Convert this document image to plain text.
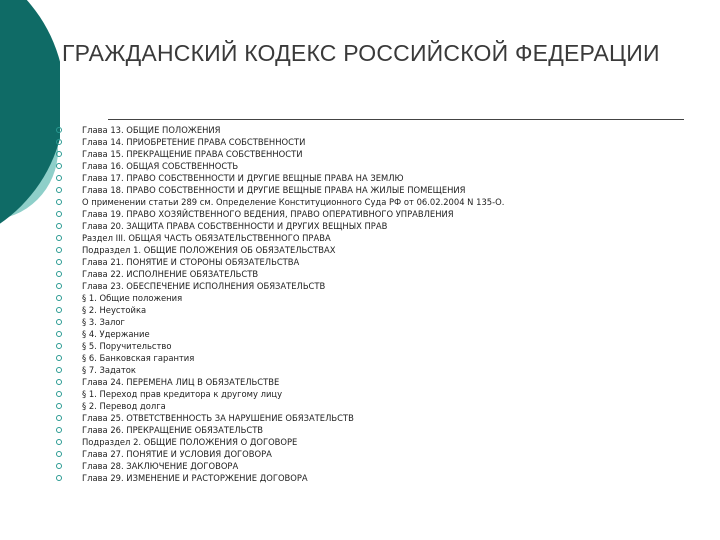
ГРАЖДАНСКИЙ КОДЕКС РОССИЙСКОЙ ФЕДЕРАЦИИ
Глава 13. ОБЩИЕ ПОЛОЖЕНИЯ
Глава 14. ПРИОБРЕТЕНИЕ ПРАВА СОБСТВЕННОСТИ
Глава 15. ПРЕКРАЩЕНИЕ ПРАВА СОБСТВЕННОСТИ
Глава 16. ОБЩАЯ СОБСТВЕННОСТЬ
Глава 17. ПРАВО СОБСТВЕННОСТИ И ДРУГИЕ ВЕЩНЫЕ ПРАВА НА ЗЕМЛЮ
Глава 18. ПРАВО СОБСТВЕННОСТИ И ДРУГИЕ ВЕЩНЫЕ ПРАВА НА ЖИЛЫЕ ПОМЕЩЕНИЯ
О применении статьи 289 см. Определение Конституционного Суда РФ от 06.02.2004 N 135-О.
Глава 19. ПРАВО ХОЗЯЙСТВЕННОГО ВЕДЕНИЯ, ПРАВО ОПЕРАТИВНОГО УПРАВЛЕНИЯ
Глава 20. ЗАЩИТА ПРАВА СОБСТВЕННОСТИ И ДРУГИХ ВЕЩНЫХ ПРАВ
Раздел III. ОБЩАЯ ЧАСТЬ ОБЯЗАТЕЛЬСТВЕННОГО ПРАВА
Подраздел 1. ОБЩИЕ ПОЛОЖЕНИЯ ОБ ОБЯЗАТЕЛЬСТВАХ
Глава 21. ПОНЯТИЕ И СТОРОНЫ ОБЯЗАТЕЛЬСТВА
Глава 22. ИСПОЛНЕНИЕ ОБЯЗАТЕЛЬСТВ
Глава 23. ОБЕСПЕЧЕНИЕ ИСПОЛНЕНИЯ ОБЯЗАТЕЛЬСТВ
§ 1. Общие положения
§ 2. Неустойка
§ 3. Залог
§ 4. Удержание
§ 5. Поручительство
§ 6. Банковская гарантия
§ 7. Задаток
Глава 24. ПЕРЕМЕНА ЛИЦ В ОБЯЗАТЕЛЬСТВЕ
§ 1. Переход прав кредитора к другому лицу
§ 2. Перевод долга
Глава 25. ОТВЕТСТВЕННОСТЬ ЗА НАРУШЕНИЕ ОБЯЗАТЕЛЬСТВ
Глава 26. ПРЕКРАЩЕНИЕ ОБЯЗАТЕЛЬСТВ
Подраздел 2. ОБЩИЕ ПОЛОЖЕНИЯ О ДОГОВОРЕ
Глава 27. ПОНЯТИЕ И УСЛОВИЯ ДОГОВОРА
Глава 28. ЗАКЛЮЧЕНИЕ ДОГОВОРА
Глава 29. ИЗМЕНЕНИЕ И РАСТОРЖЕНИЕ ДОГОВОРА
